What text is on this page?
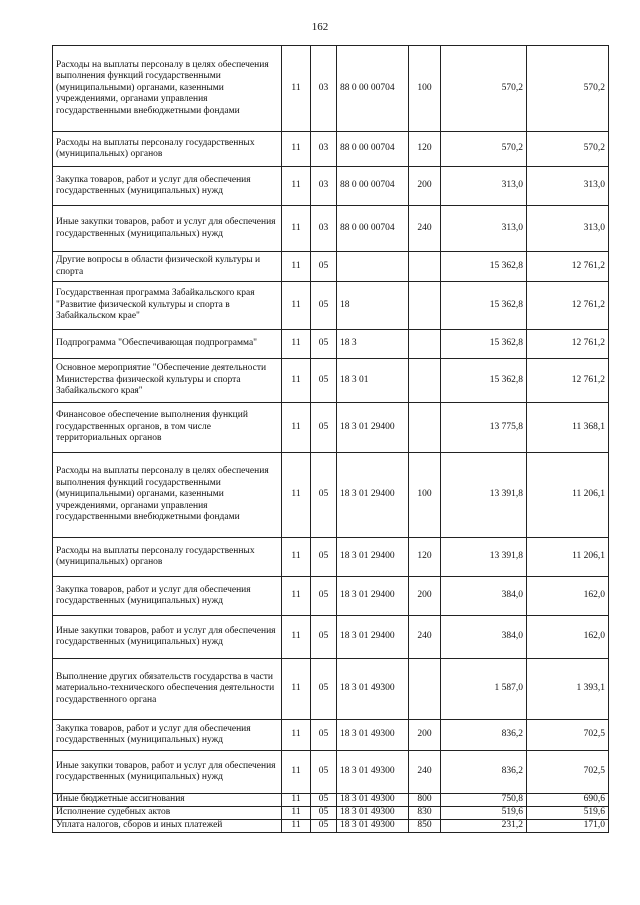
162
Расходы на выплаты персоналу в целях обеспечения выполнения функций государственными (муниципальными) органами, казенными учреждениями, органами управления государственными внебюджетными фондами	11	03	88 0 00 00704	100	570,2	570,2
Расходы на выплаты персоналу государственных (муниципальных) органов	11	03	88 0 00 00704	120	570,2	570,2
Закупка товаров, работ и услуг для обеспечения государственных (муниципальных) нужд	11	03	88 0 00 00704	200	313,0	313,0
Иные закупки товаров, работ и услуг для обеспечения государственных (муниципальных) нужд	11	03	88 0 00 00704	240	313,0	313,0
Другие вопросы в области физической культуры и спорта	11	05			15 362,8	12 761,2
Государственная программа Забайкальского края "Развитие физической культуры и спорта в Забайкальском крае"	11	05	18		15 362,8	12 761,2
Подпрограмма "Обеспечивающая подпрограмма"	11	05	18 3		15 362,8	12 761,2
Основное мероприятие "Обеспечение деятельности Министерства физической культуры и спорта Забайкальского края"	11	05	18 3 01		15 362,8	12 761,2
Финансовое обеспечение выполнения функций государственных органов, в том числе территориальных органов	11	05	18 3 01 29400		13 775,8	11 368,1
Расходы на выплаты персоналу в целях обеспечения выполнения функций государственными (муниципальными) органами, казенными учреждениями, органами управления государственными внебюджетными фондами	11	05	18 3 01 29400	100	13 391,8	11 206,1
Расходы на выплаты персоналу государственных (муниципальных) органов	11	05	18 3 01 29400	120	13 391,8	11 206,1
Закупка товаров, работ и услуг для обеспечения государственных (муниципальных) нужд	11	05	18 3 01 29400	200	384,0	162,0
Иные закупки товаров, работ и услуг для обеспечения государственных (муниципальных) нужд	11	05	18 3 01 29400	240	384,0	162,0
Выполнение других обязательств государства в части материально-технического обеспечения деятельности государственного органа	11	05	18 3 01 49300		1 587,0	1 393,1
Закупка товаров, работ и услуг для обеспечения государственных (муниципальных) нужд	11	05	18 3 01 49300	200	836,2	702,5
Иные закупки товаров, работ и услуг для обеспечения государственных (муниципальных) нужд	11	05	18 3 01 49300	240	836,2	702,5
Иные бюджетные ассигнования	11	05	18 3 01 49300	800	750,8	690,6
Исполнение судебных актов	11	05	18 3 01 49300	830	519,6	519,6
Уплата налогов, сборов и иных платежей	11	05	18 3 01 49300	850	231,2	171,0
